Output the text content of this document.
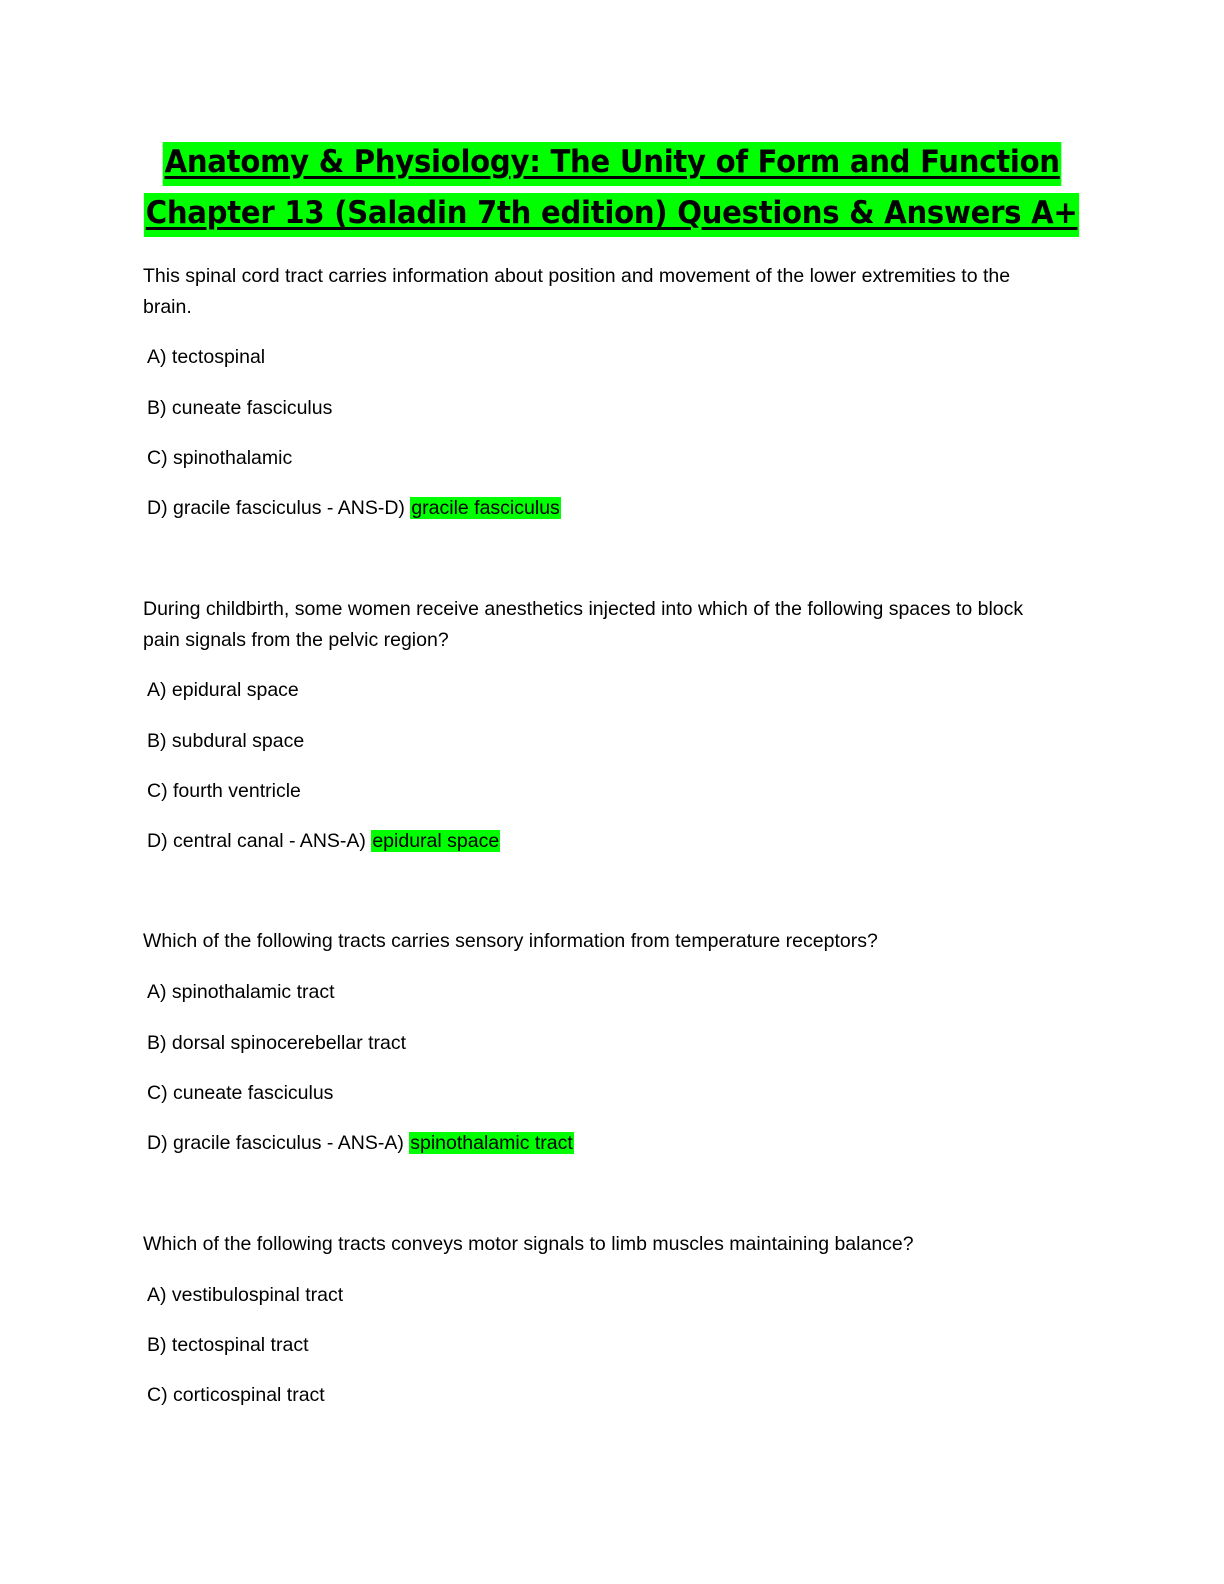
Anatomy & Physiology: The Unity of Form and Function
Chapter 13 (Saladin 7th edition) Questions & Answers A+
This spinal cord tract carries information about position and movement of the lower extremities to the brain.
A) tectospinal
B) cuneate fasciculus
C) spinothalamic
D) gracile fasciculus - ANS-D) gracile fasciculus
During childbirth, some women receive anesthetics injected into which of the following spaces to block pain signals from the pelvic region?
A) epidural space
B) subdural space
C) fourth ventricle
D) central canal - ANS-A) epidural space
Which of the following tracts carries sensory information from temperature receptors?
A) spinothalamic tract
B) dorsal spinocerebellar tract
C) cuneate fasciculus
D) gracile fasciculus - ANS-A) spinothalamic tract
Which of the following tracts conveys motor signals to limb muscles maintaining balance?
A) vestibulospinal tract
B) tectospinal tract
C) corticospinal tract
